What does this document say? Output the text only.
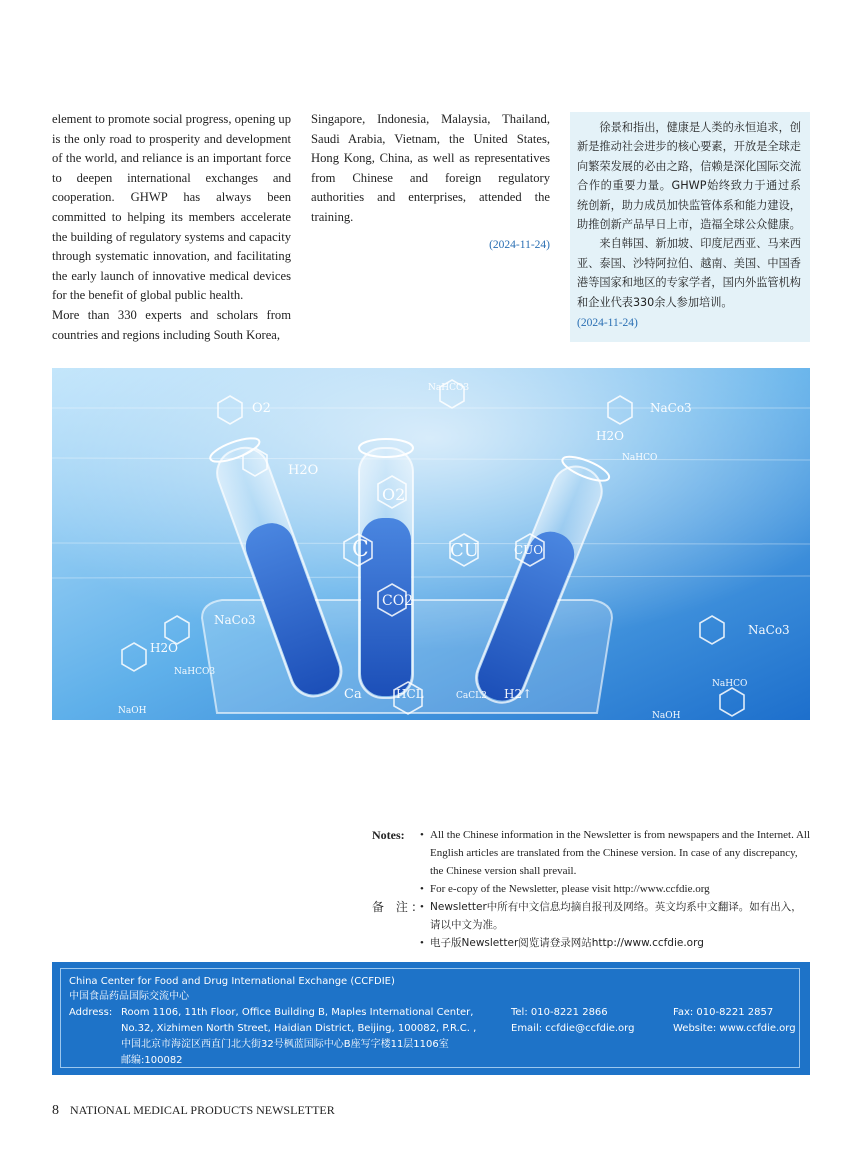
element to promote social progress, opening up is the only road to prosperity and development of the world, and reliance is an important force to deepen international exchanges and cooperation. GHWP has always been committed to helping its members accelerate the building of regulatory systems and capacity through systematic innovation, and facilitating the early launch of innovative medical devices for the benefit of global public health.

More than 330 experts and scholars from countries and regions including South Korea,

Singapore, Indonesia, Malaysia, Thailand, Saudi Arabia, Vietnam, the United States, Hong Kong, China, as well as representatives from Chinese and foreign regulatory authorities and enterprises, attended the training.

(2024-11-24)

徐景和指出，健康是人类的永恒追求，创新是推动社会进步的核心要素，开放是全球走向繁荣发展的必由之路，信赖是深化国际交流合作的重要力量。GHWP始终致力于通过系统创新，助力成员加快监管体系和能力建设，助推创新产品早日上市，造福全球公众健康。

来自韩国、新加坡、印度尼西亚、马来西亚、泰国、沙特阿拉伯、越南、美国、中国香港等国家和地区的专家学者，国内外监管机构和企业代表330余人参加培训。

(2024-11-24)

O2
H2O
NaHCO3
NaCo3
H2O
NaHCO3
NaCo3
C
O2
CU	CUO
CO2
Ca	HCL	CaCL2 H2↑
NaHCO
NaOH
H2O
NaHCO
NaOH
NaCo3
Notes:	• All the Chinese information in the Newsletter is from newspapers and the Internet. All English articles are translated from the Chinese version. In case of any discrepancy, the Chinese version shall prevail.
• For e-copy of the Newsletter, please visit http://www.ccfdie.org
备 注: • Newsletter中所有中文信息均摘自报刊及网络。英文均系中文翻译。如有出入，请以中文为准。
• 电子版Newsletter阅览请登录网站http://www.ccfdie.org
China Center for Food and Drug International Exchange (CCFDIE)
中国食品药品国际交流中心
Address: Room 1106, 11th Floor, Office Building B, Maples International Center,
No.32, Xizhimen North Street, Haidian District, Beijing, 100082, P.R.C. ,
中国北京市海淀区西直门北大街32号枫蓝国际中心B座写字楼11层1106室
邮编:100082
Tel: 010-8221 2866
Email: ccfdie@ccfdie.org
Fax: 010-8221 2857
Website: www.ccfdie.org
8 NATIONAL MEDICAL PRODUCTS NEWSLETTER
